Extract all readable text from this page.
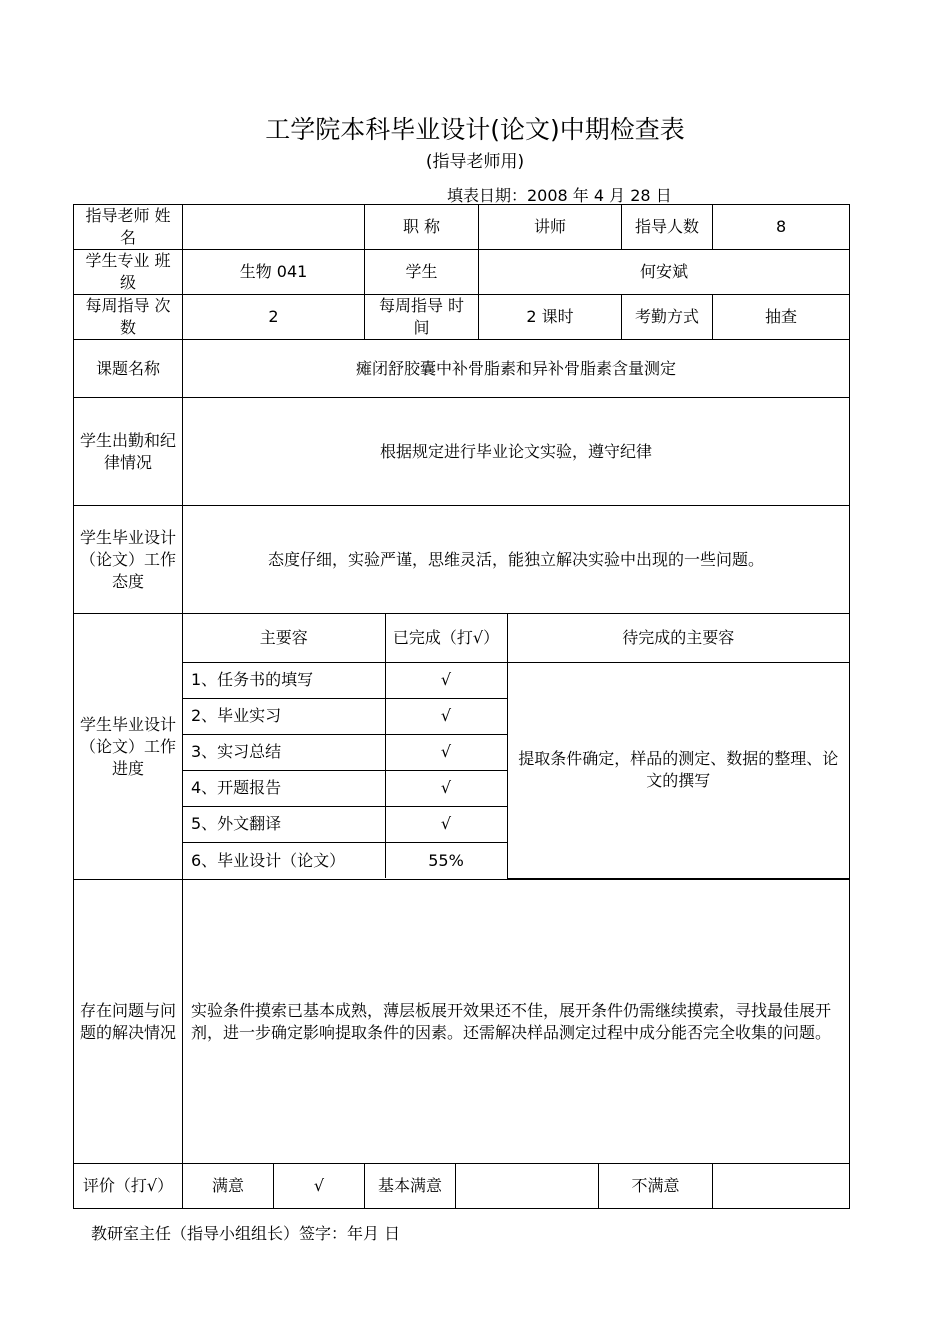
工学院本科毕业设计(论文)中期检查表
(指导老师用)
填表日期：2008 年 4 月 28 日
指导老师 姓　名		职 称	讲师	指导人数	8
学生专业 班级	生物 041	学生	何安斌
每周指导 次数	2	每周指导 时间	2 课时	考勤方式	抽查
课题名称	瘫闭舒胶囊中补骨脂素和异补骨脂素含量测定
学生出勤和纪律情况	根据规定进行毕业论文实验，遵守纪律
学生毕业设计（论文）工作态度	态度仔细，实验严谨，思维灵活，能独立解决实验中出现的一些问题。
学生毕业设计（论文）工作进度	
主要容	已完成（打√）	待完成的主要容
1、任务书的填写	√	提取条件确定，样品的测定、数据的整理、论文的撰写
2、毕业实习	√
3、实习总结	√
4、开题报告	√
5、外文翻译	√
6、毕业设计（论文）	55%

存在问题与问题的解决情况	实验条件摸索已基本成熟，薄层板展开效果还不佳，展开条件仍需继续摸索，寻找最佳展开剂，进一步确定影响提取条件的因素。还需解决样品测定过程中成分能否完全收集的问题。
评价（打√）	满意	√	基本满意		不满意	
教研室主任（指导小组组长）签字：年月 日
